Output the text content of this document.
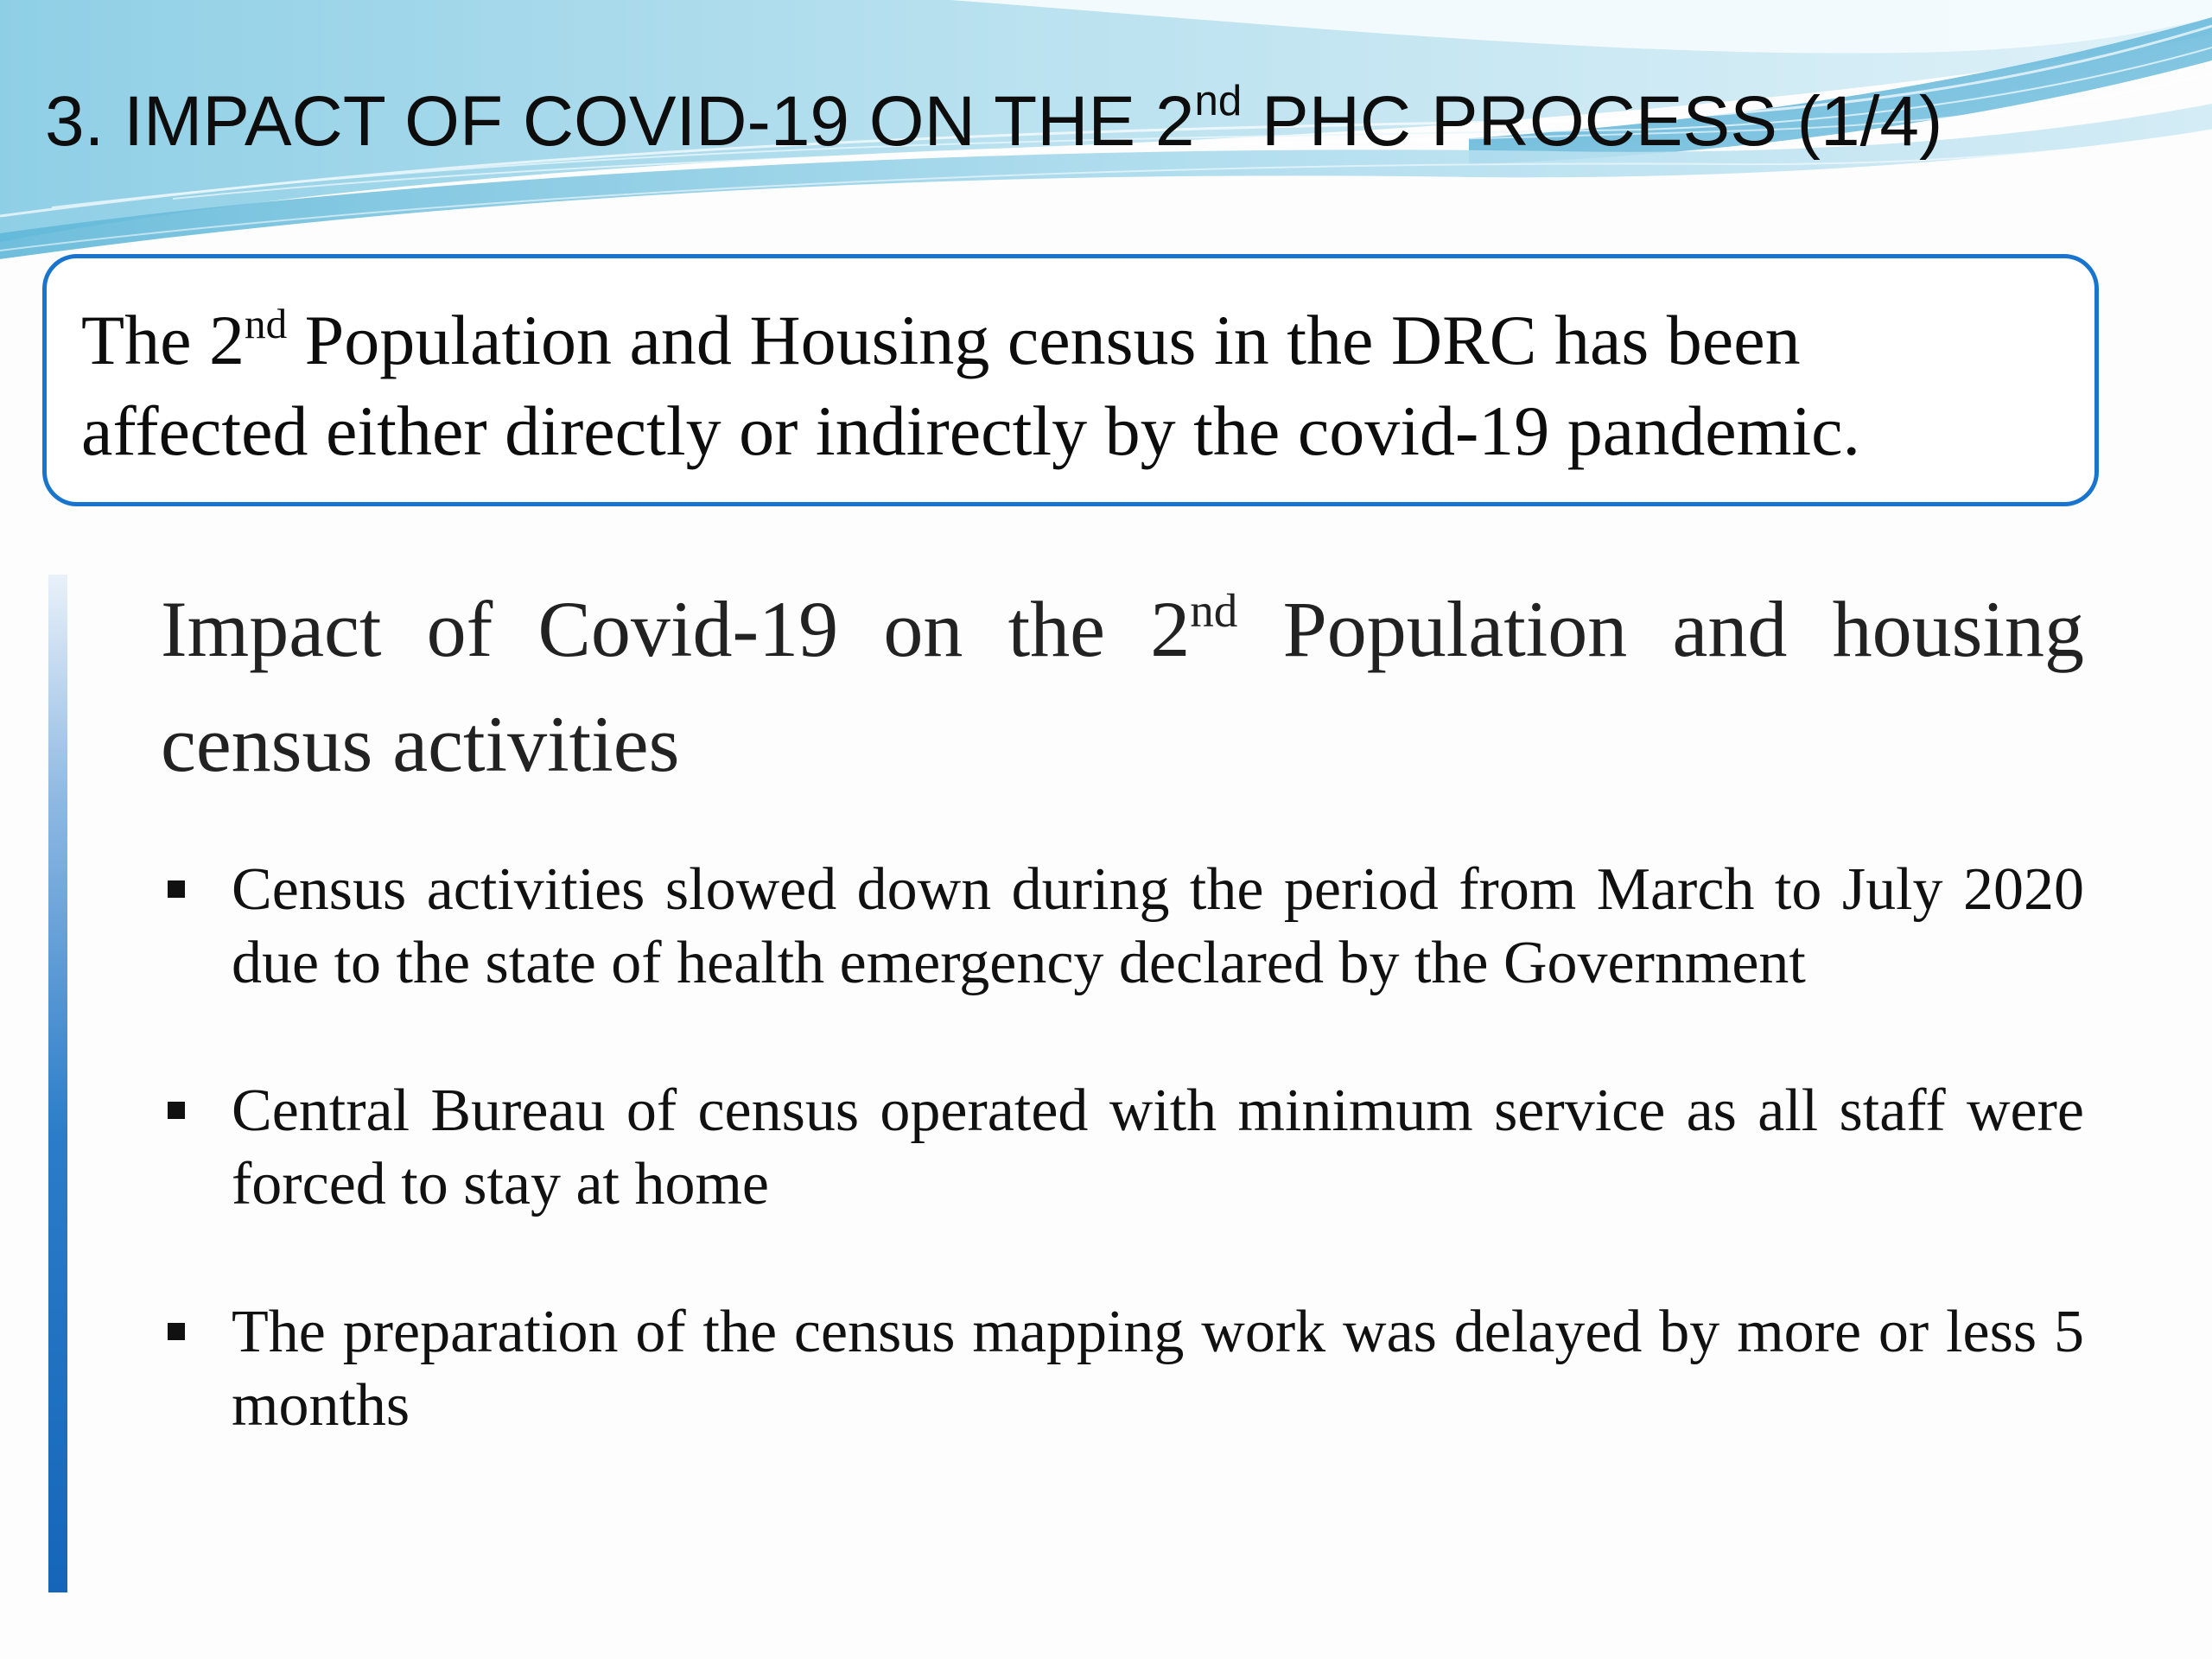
3. IMPACT OF COVID-19 ON THE 2nd PHC PROCESS (1/4)

The 2nd Population and Housing census in the DRC has been

affected either directly or indirectly by the covid-19 pandemic.

Impact of Covid-19 on the 2nd Population and housing census activities
Census activities slowed down during the period from March to July 2020 due to the state of health emergency declared by the Government
Central Bureau of census operated with minimum service as all staff were forced to stay at home
The preparation of the census mapping work was delayed by more or less 5 months
